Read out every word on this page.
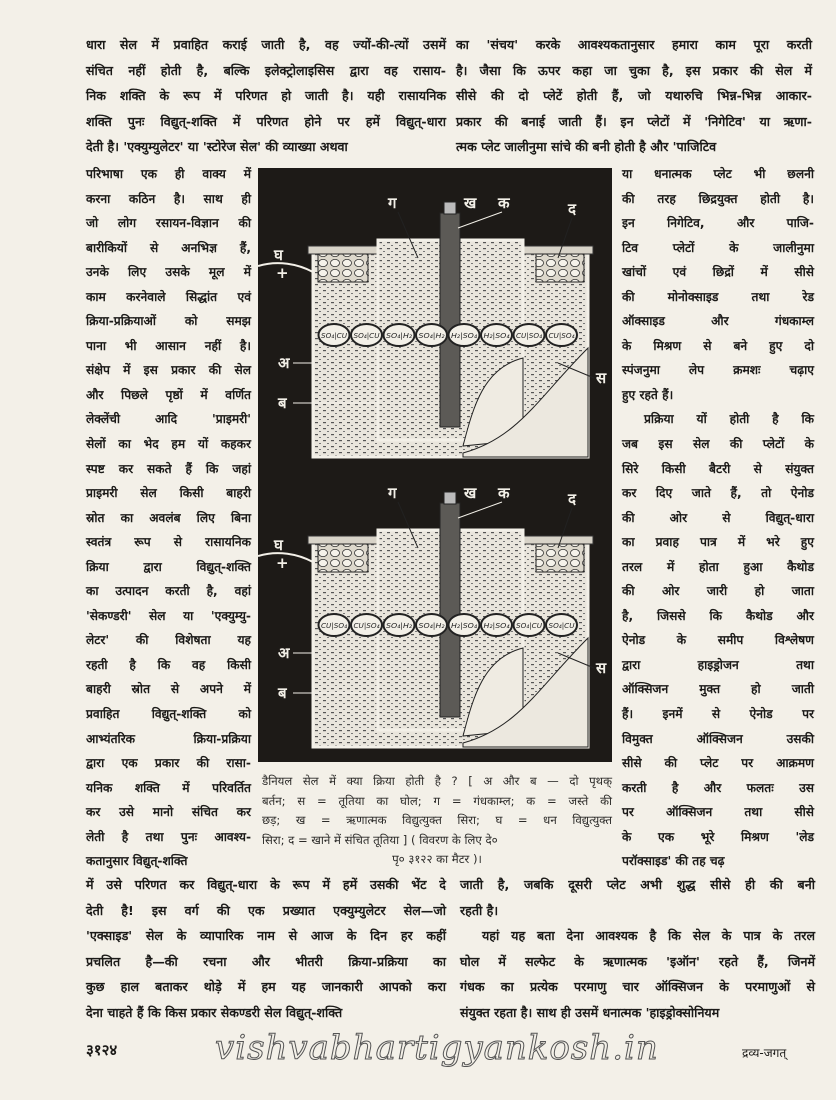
धारा सेल में प्रवाहित कराई जाती है, वह ज्यों-की-त्यों उसमें
संचित नहीं होती है, बल्कि इलेक्ट्रोलाइसिस द्वारा वह रासाय-
निक शक्ति के रूप में परिणत हो जाती है। यही रासायनिक
शक्ति पुनः विद्युत्-शक्ति में परिणत होने पर हमें विद्युत्-धारा
देती है। 'एक्युम्युलेटर' या 'स्टोरेज सेल' की व्याख्या अथवा
का 'संचय' करके आवश्यकतानुसार हमारा काम पूरा करती
है। जैसा कि ऊपर कहा जा चुका है, इस प्रकार की सेल में
सीसे की दो प्लेटें होती हैं, जो यथारुचि भिन्न-भिन्न आकार-
प्रकार की बनाई जाती हैं। इन प्लेटों में 'निगेटिव' या ऋणा-
त्मक प्लेट जालीनुमा सांचे की बनी होती है और 'पाजिटिव
परिभाषा एक ही वाक्य में
करना कठिन है। साथ ही
जो लोग रसायन-विज्ञान की
बारीकियों से अनभिज्ञ हैं,
उनके लिए उसके मूल में
काम करनेवाले सिद्धांत एवं
क्रिया-प्रक्रियाओं को समझ
पाना भी आसान नहीं है।
संक्षेप में इस प्रकार की सेल
और पिछले पृष्ठों में वर्णित
लेक्लेंची आदि 'प्राइमरी'
सेलों का भेद हम यों कहकर
स्पष्ट कर सकते हैं कि जहां
प्राइमरी सेल किसी बाहरी
स्रोत का अवलंब लिए बिना
स्वतंत्र रूप से रासायनिक
क्रिया द्वारा विद्युत्-शक्ति
का उत्पादन करती है, वहां
'सेकण्डरी' सेल या 'एक्युम्यु-
लेटर' की विशेषता यह
रहती है कि वह किसी
बाहरी स्रोत से अपने में
प्रवाहित विद्युत्-शक्ति को
आभ्यंतरिक क्रिया-प्रक्रिया
द्वारा एक प्रकार की रासा-
यनिक शक्ति में परिवर्तित
कर उसे मानो संचित कर
लेती है तथा पुनः आवश्य-
कतानुसार विद्युत्-शक्ति
या धनात्मक प्लेट भी छलनी
की तरह छिद्रयुक्त होती है।
इन निगेटिव, और पाजि-
टिव प्लेटों के जालीनुमा
खांचों एवं छिद्रों में सीसे
की मोनोक्साइड तथा रेड
ऑक्साइड और गंधकाम्ल
के मिश्रण से बने हुए दो
स्पंजनुमा लेप क्रमशः चढ़ाए
हुए रहते हैं।
प्रक्रिया यों होती है कि
जब इस सेल की प्लेटों के
सिरे किसी बैटरी से संयुक्त
कर दिए जाते हैं, तो ऐनोड
की ओर से विद्युत्-धारा
का प्रवाह पात्र में भरे हुए
तरल में होता हुआ कैथोड
की ओर जारी हो जाता
है, जिससे कि कैथोड और
ऐनोड के समीप विश्लेषण
द्वारा हाइड्रोजन तथा
ऑक्सिजन मुक्त हो जाती
हैं। इनमें से ऐनोड पर
विमुक्त ऑक्सिजन उसकी
सीसे की प्लेट पर आक्रमण
करती है और फलतः उस
पर ऑक्सिजन तथा सीसे
के एक भूरे मिश्रण 'लेड
परॉक्साइड' की तह चढ़
में उसे परिणत कर विद्युत्-धारा के रूप में हमें उसकी भेंट दे
देती है! इस वर्ग की एक प्रख्यात एक्युम्युलेटर सेल—जो
'एक्साइड' सेल के व्यापारिक नाम से आज के दिन हर कहीं
प्रचलित है—की रचना और भीतरी क्रिया-प्रक्रिया का
कुछ हाल बताकर थोड़े में हम यह जानकारी आपको करा
देना चाहते हैं कि किस प्रकार सेकण्डरी सेल विद्युत्-शक्ति
जाती है, जबकि दूसरी प्लेट अभी शुद्ध सीसे ही की बनी
रहती है।
यहां यह बता देना आवश्यक है कि सेल के पात्र के तरल
घोल में सल्फेट के ऋणात्मक 'इऑन' रहते हैं, जिनमें
गंधक का प्रत्येक परमाणु चार ऑक्सिजन के परमाणुओं से
संयुक्त रहता है। साथ ही उसमें धनात्मक 'हाइड्रोक्सोनियम
SO₄|CU SO₄|CU SO₄|H₂ SO₄|H₂ H₂|SO₄ H₂|SO₄ CU|SO₄ CU|SO₄
ग	ख क	द
घ
+
अ
ब
स
CU|SO₄ CU|SO₄ SO₄|H₂ SO₄|H₂ H₂|SO₄ H₂|SO₄ SO₄|CU SO₄|CU
ग	ख क	द
घ
+
अ
ब
स
डैनियल सेल में क्या क्रिया होती है ? [ अ और ब — दो पृथक्
बर्तन; स = तूतिया का घोल; ग = गंधकाम्ल; क = जस्ते की
छड़; ख = ऋणात्मक विद्युत्युक्त सिरा; घ = धन विद्युत्युक्त
सिरा; द = खाने में संचित तूतिया ] ( विवरण के लिए दे०
पृ० ३१२२ का मैटर )।
३१२४	vishvabhartigyankosh.in	द्रव्य-जगत्
